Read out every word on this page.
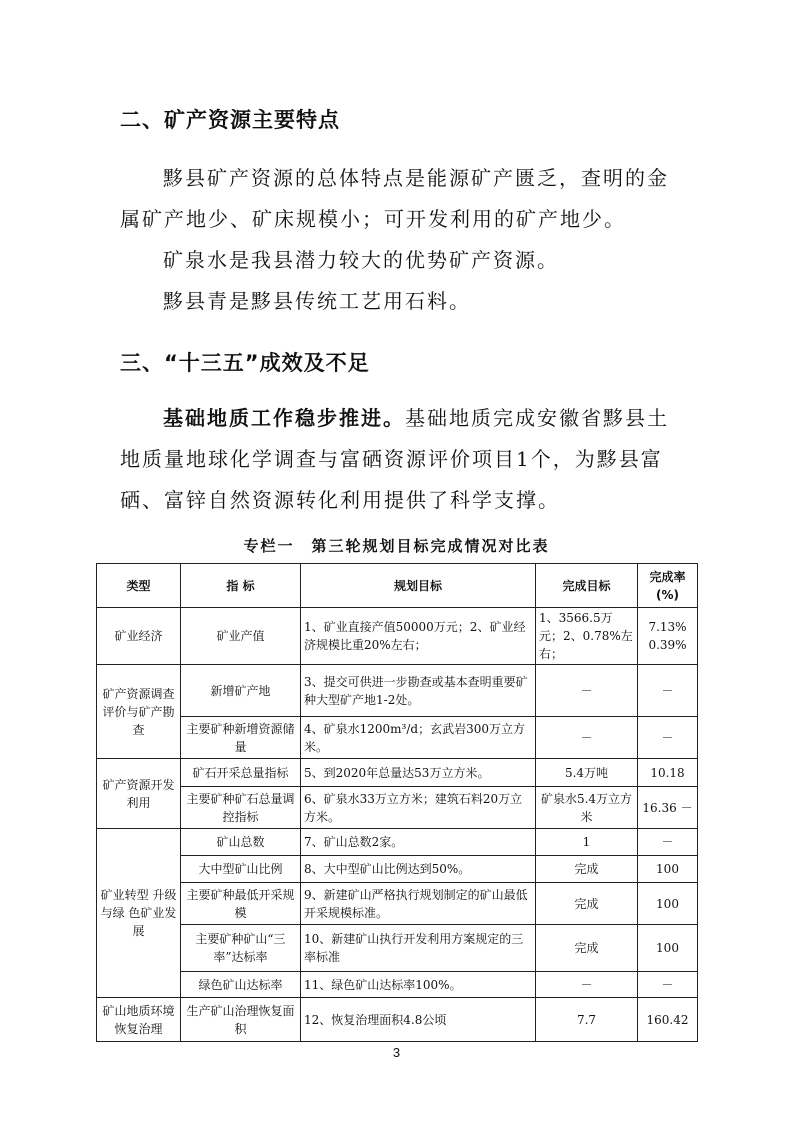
二、矿产资源主要特点

黟县矿产资源的总体特点是能源矿产匮乏，查明的金属矿产地少、矿床规模小；可开发利用的矿产地少。

矿泉水是我县潜力较大的优势矿产资源。

黟县青是黟县传统工艺用石料。

三、“十三五”成效及不足

基础地质工作稳步推进。基础地质完成安徽省黟县土地质量地球化学调查与富硒资源评价项目1个，为黟县富硒、富锌自然资源转化利用提供了科学支撑。

专栏一　第三轮规划目标完成情况对比表
类型	指 标	规划目标	完成目标	完成率(%)
矿业经济	矿业产值	1、矿业直接产值50000万元；2、矿业经济规模比重20%左右；	1、3566.5万元；2、0.78%左右；	7.13% 0.39%
矿产资源调查评价与矿产勘查	新增矿产地	3、提交可供进一步勘查或基本查明重要矿种大型矿产地1-2处。	－	－
	主要矿种新增资源储量	4、矿泉水1200m³/d；玄武岩300万立方米。	－	－
矿产资源开发利用	矿石开采总量指标	5、到2020年总量达53万立方米。	5.4万吨	10.18
	主要矿种矿石总量调控指标	6、矿泉水33万立方米；建筑石料20万立方米。	矿泉水5.4万立方米	16.36 －
矿业转型 升级与绿 色矿业发展	矿山总数	7、矿山总数2家。	1	－
	大中型矿山比例	8、大中型矿山比例达到50%。	完成	100
	主要矿种最低开采规模	9、新建矿山严格执行规划制定的矿山最低开采规模标准。	完成	100
	主要矿种矿山“三率”达标率	10、新建矿山执行开发利用方案规定的三率标准	完成	100
	绿色矿山达标率	11、绿色矿山达标率100%。	－	－
矿山地质环境恢复治理	生产矿山治理恢复面积	12、恢复治理面积4.8公顷	7.7	160.42
3
